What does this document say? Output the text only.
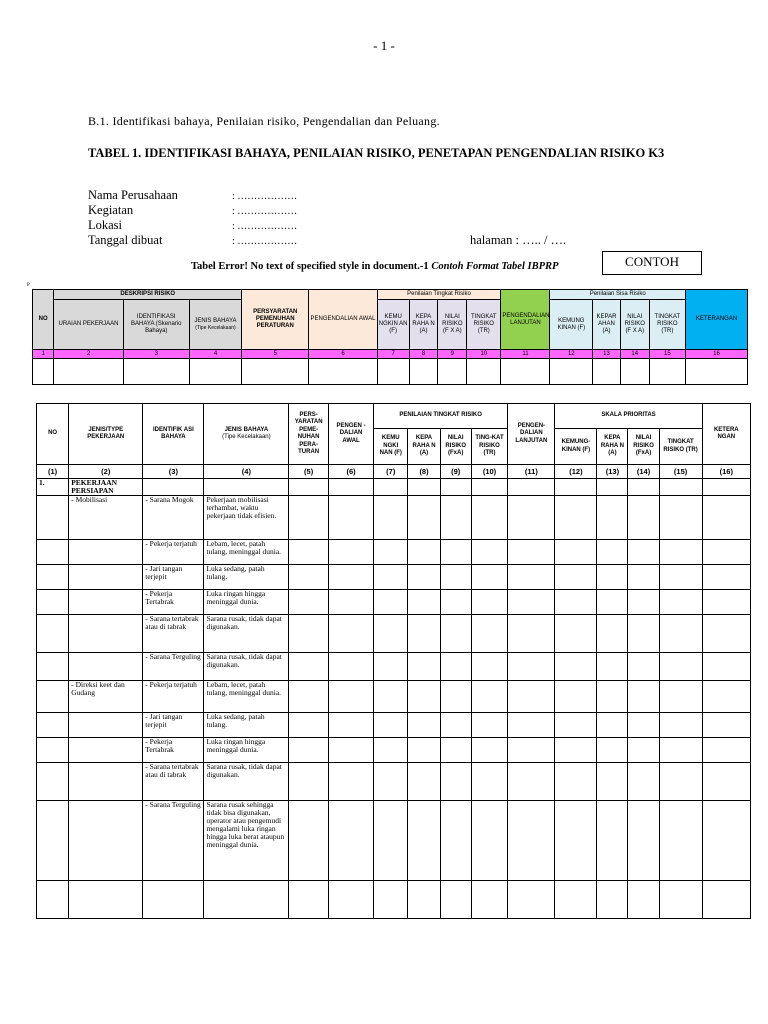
- 1 -
B.1. Identifikasi bahaya, Penilaian risiko, Pengendalian dan Peluang.
TABEL 1. IDENTIFIKASI BAHAYA, PENILAIAN RISIKO, PENETAPAN PENGENDALIAN RISIKO K3
Nama Perusahaan	: ………………
Kegiatan	: ………………
Lokasi	: ………………
Tanggal dibuat	: ………………	halaman : ….. / ….
Tabel Error! No text of specified style in document.-1 Contoh Format Tabel IBPRP	CONTOH
ᴾ
NO	DESKRIPSI RISIKO			PERSYARATAN PEMENUHAN PERATURAN	PENGENDALIAN AWAL	Penilaian Tingkat Risiko				PENGENDALIAN LANJUTAN	Penilaian Sisa Risiko				KETERANGAN
	URAIAN PEKERJAAN	IDENTIFIKASI BAHAYA (Skenario Bahaya)	JENIS BAHAYA
(Tipe Kecelakaan)			KEMU NGKIN AN (F)	KEPA RAHA N (A)	NILAI RISIKO (F X A)	TINGKAT RISIKO (TR)		KEMUNG KINAN (F)	KEPAR AHAN (A)	NILAI RISIKO (F X A)	TINGKAT RISIKO (TR)	
1	2	3	4	5	6	7	8	9	10	11	12	13	14	15	16

NO	JENIS/TYPE PEKERJAAN	IDENTIFIK ASI BAHAYA	JENIS BAHAYA
(Tipe Kecelakaan)	PERS-YARATAN PEME-NUHAN PERA-TURAN	PENGEN -DALIAN AWAL	PENILAIAN TINGKAT RISIKO				PENGEN-DALIAN LANJUTAN	SKALA PRIORITAS				KETERA NGAN
						KEMU NGKI NAN (F)	KEPA RAHA N (A)	NILAI RISIKO (FxA)	TING-KAT RISIKO (TR)		KEMUNG-KINAN (F)	KEPA RAHA N (A)	NILAI RISIKO (FxA)	TINGKAT RISIKO (TR)	
(1)	(2)	(3)	(4)	(5)	(6)	(7)	(8)	(9)	(10)	(11)	(12)	(13)	(14)	(15)	(16)
1.	PEKERJAAN PERSIAPAN														
	- Mobilisasi	- Sarana Mogok	Pekerjaan mobilisasi terhambat, waktu pekerjaan tidak efisien.												
		- Pekerja terjatuh	Lebam, lecet, patah tulang, meninggal dunia.												
		- Jari tangan terjepit	Luka sedang, patah tulang.												
		- Pekerja Tertabrak	Luka ringan hingga meninggal dunia.												
		- Sarana tertabrak atau di tabrak	Sarana rusak, tidak dapat digunakan.												
		- Sarana Terguling	Sarana rusak, tidak dapat digunakan.												
	- Direksi keet dan Gudang	- Pekerja terjatuh	Lebam, lecet, patah tulang, meninggal dunia.												
		- Jari tangan terjepit	Luka sedang, patah tulang.												
		- Pekerja Tertabrak	Luka ringan hingga meninggal dunia.												
		- Sarana tertabrak atau di tabrak	Sarana rusak, tidak dapat digunakan.												
		- Sarana Terguling	Sarana rusak sehingga tidak bisa digunakan, operator atau pengemudi mengalami luka ringan hingga luka berat ataupun meninggal dunia.												
